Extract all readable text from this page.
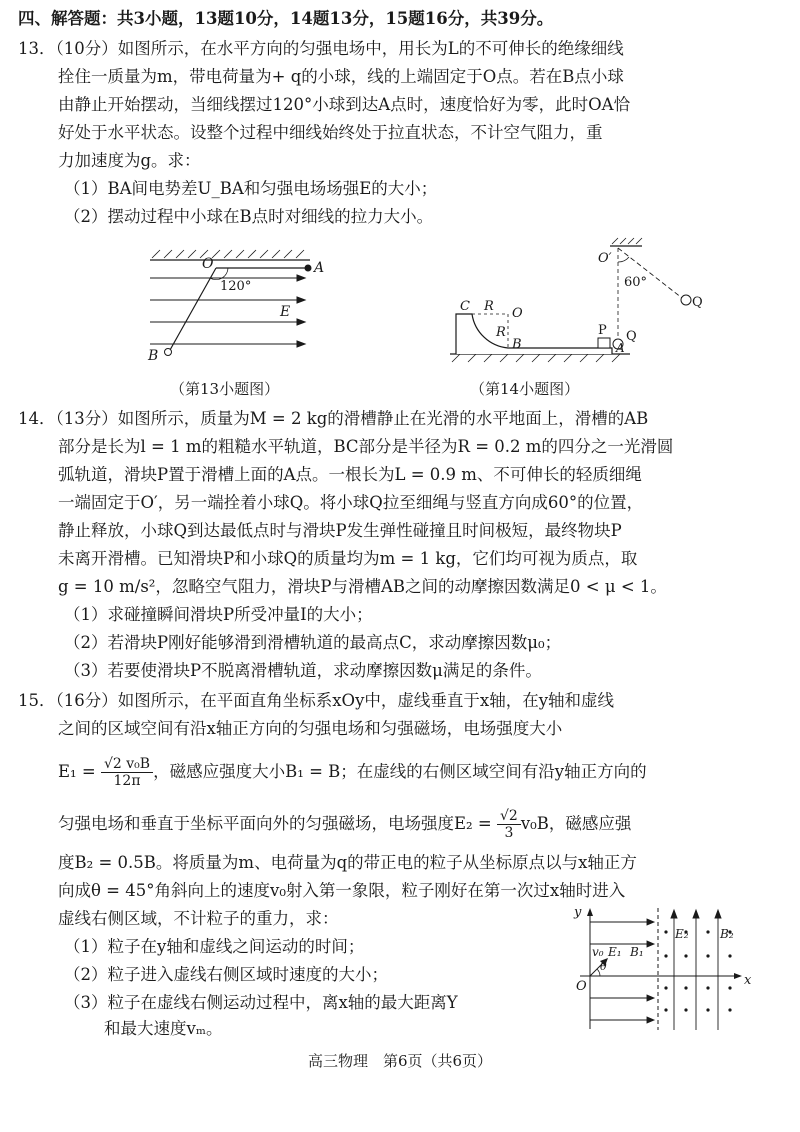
四、解答题：共3小题，13题10分，14题13分，15题16分，共39分。
13．（10分）如图所示，在水平方向的匀强电场中，用长为L的不可伸长的绝缘细线
拴住一质量为m，带电荷量为+ q的小球，线的上端固定于O点。若在B点小球
由静止开始摆动，当细线摆过120°小球到达A点时，速度恰好为零，此时OA恰
好处于水平状态。设整个过程中细线始终处于拉直状态，不计空气阻力，重
力加速度为g。求：
（1）BA间电势差U_BA和匀强电场场强E的大小；
（2）摆动过程中小球在B点时对细线的拉力大小。
O	A
B
E
120°
（第13小题图）
O′
60°
Q
C R O
R
B
P Q
A
（第14小题图）
14．（13分）如图所示，质量为M = 2 kg的滑槽静止在光滑的水平地面上，滑槽的AB
部分是长为l = 1 m的粗糙水平轨道，BC部分是半径为R = 0.2 m的四分之一光滑圆
弧轨道，滑块P置于滑槽上面的A点。一根长为L = 0.9 m、不可伸长的轻质细绳
一端固定于O′，另一端拴着小球Q。将小球Q拉至细绳与竖直方向成60°的位置，
静止释放，小球Q到达最低点时与滑块P发生弹性碰撞且时间极短，最终物块P
未离开滑槽。已知滑块P和小球Q的质量均为m = 1 kg，它们均可视为质点，取
g = 10 m/s²，忽略空气阻力，滑块P与滑槽AB之间的动摩擦因数满足0 < μ < 1。
（1）求碰撞瞬间滑块P所受冲量I的大小；
（2）若滑块P刚好能够滑到滑槽轨道的最高点C，求动摩擦因数μ₀；
（3）若要使滑块P不脱离滑槽轨道，求动摩擦因数μ满足的条件。
15．（16分）如图所示，在平面直角坐标系xOy中，虚线垂直于x轴，在y轴和虚线
之间的区域空间有沿x轴正方向的匀强电场和匀强磁场，电场强度大小
$E_1 = \frac{\text{√2 v₀B}}{12\pi}$ ，磁感应强度大小B₁ = B；在虚线的右侧区域空间有沿y轴正方向的
匀强电场和垂直于坐标平面向外的匀强磁场，电场强度$E_2 = \frac{√2}{3} v_0B$，磁感应强
度B₂ = 0.5B。将质量为m、电荷量为q的带正电的粒子从坐标原点以与x轴正方
向成θ = 45°角斜向上的速度v₀射入第一象限，粒子刚好在第一次过x轴时进入
虚线右侧区域，不计粒子的重力，求：
（1）粒子在y轴和虚线之间运动的时间；
（2）粒子进入虚线右侧区域时速度的大小；
（3）粒子在虚线右侧运动过程中，离x轴的最大距离Y
和最大速度vₘ。
y
x
O
v₀ E₁ B₁
θ
E₂	B₂
高三物理　第6页（共6页）
